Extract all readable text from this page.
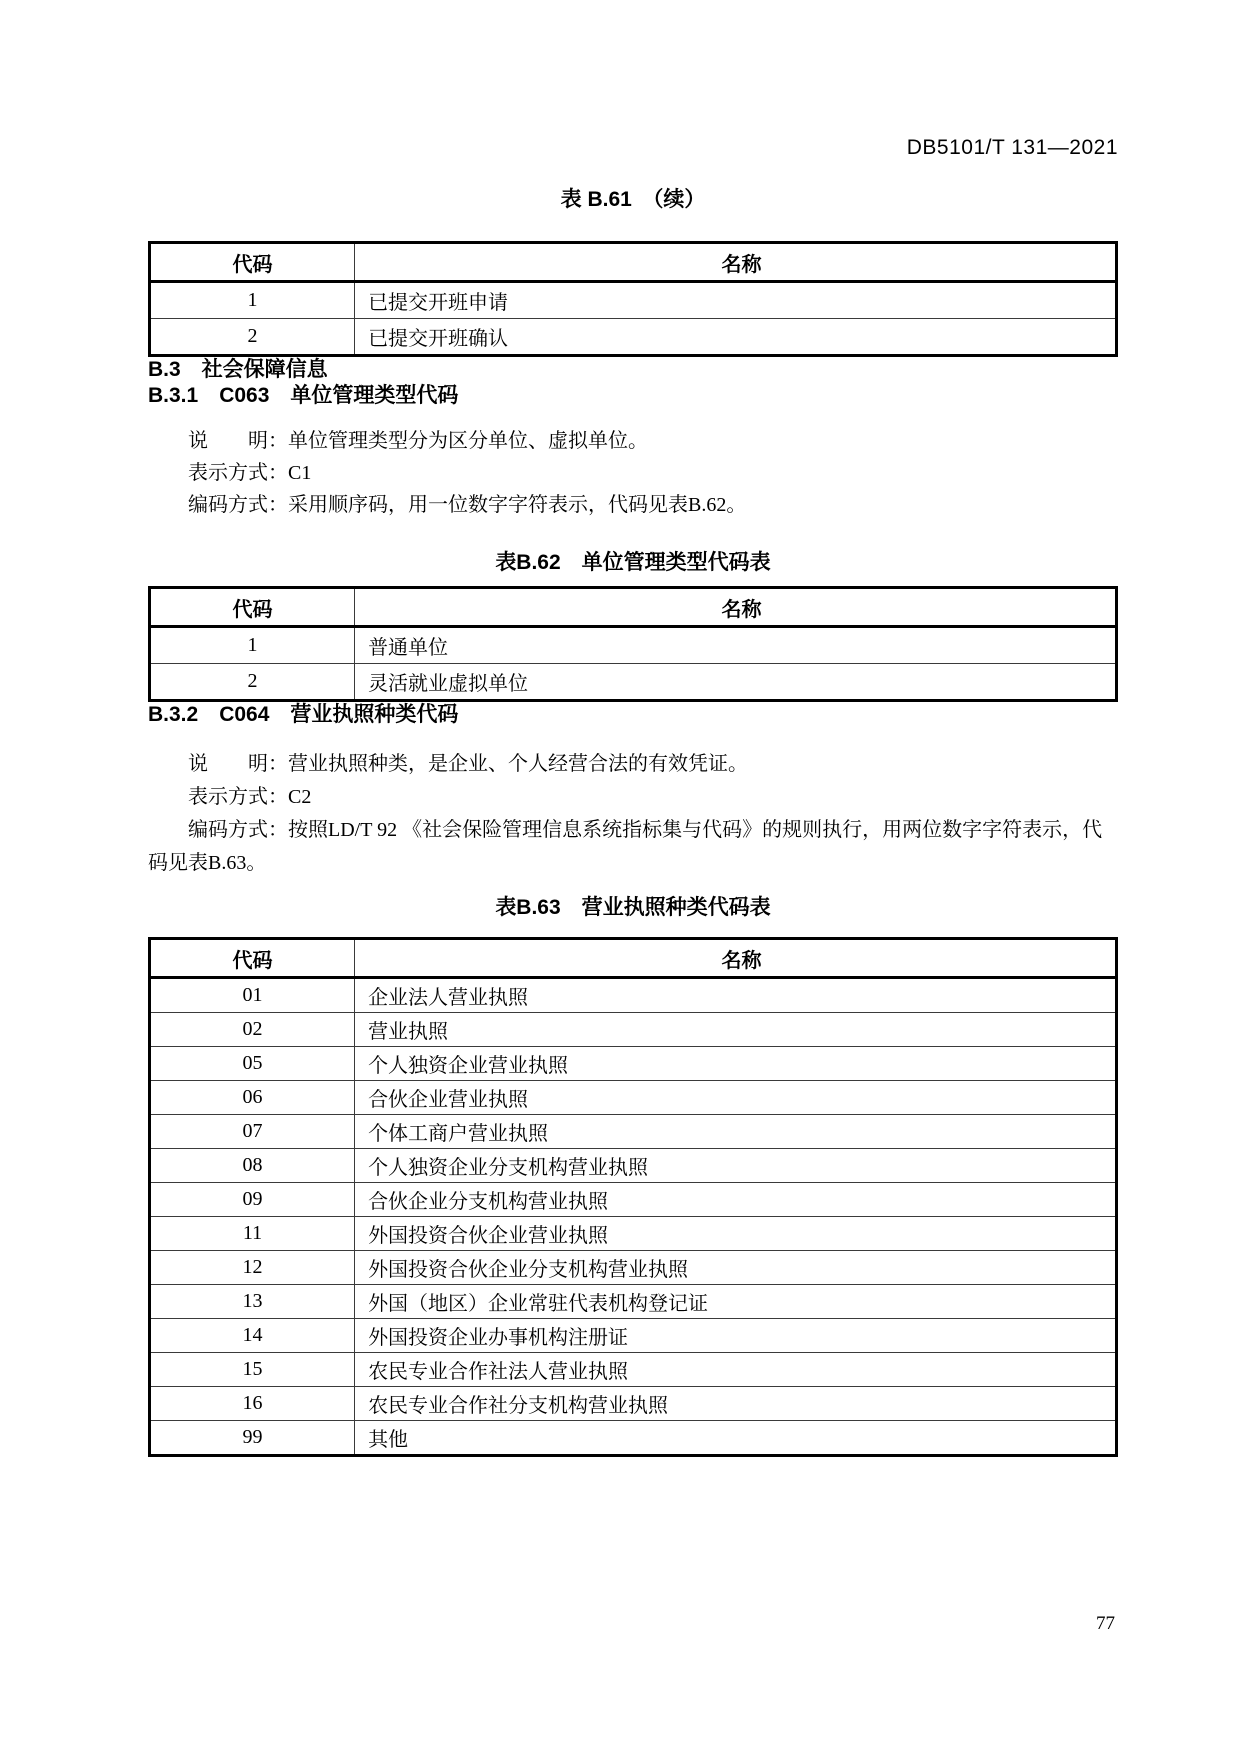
DB5101/T 131—2021
表 B.61　（续）
代码	名称
1	已提交开班申请
2	已提交开班确认
B.3　社会保障信息
B.3.1　C063　单位管理类型代码

说　　明：单位管理类型分为区分单位、虚拟单位。

表示方式：C1

编码方式：采用顺序码，用一位数字字符表示，代码见表B.62。

表B.62　单位管理类型代码表
代码	名称
1	普通单位
2	灵活就业虚拟单位
B.3.2　C064　营业执照种类代码

说　　明：营业执照种类，是企业、个人经营合法的有效凭证。

表示方式：C2

编码方式：按照LD/T 92 《社会保险管理信息系统指标集与代码》的规则执行，用两位数字字符表示，代码见表B.63。

表B.63　营业执照种类代码表
代码	名称
01	企业法人营业执照
02	营业执照
05	个人独资企业营业执照
06	合伙企业营业执照
07	个体工商户营业执照
08	个人独资企业分支机构营业执照
09	合伙企业分支机构营业执照
11	外国投资合伙企业营业执照
12	外国投资合伙企业分支机构营业执照
13	外国（地区）企业常驻代表机构登记证
14	外国投资企业办事机构注册证
15	农民专业合作社法人营业执照
16	农民专业合作社分支机构营业执照
99	其他
77
